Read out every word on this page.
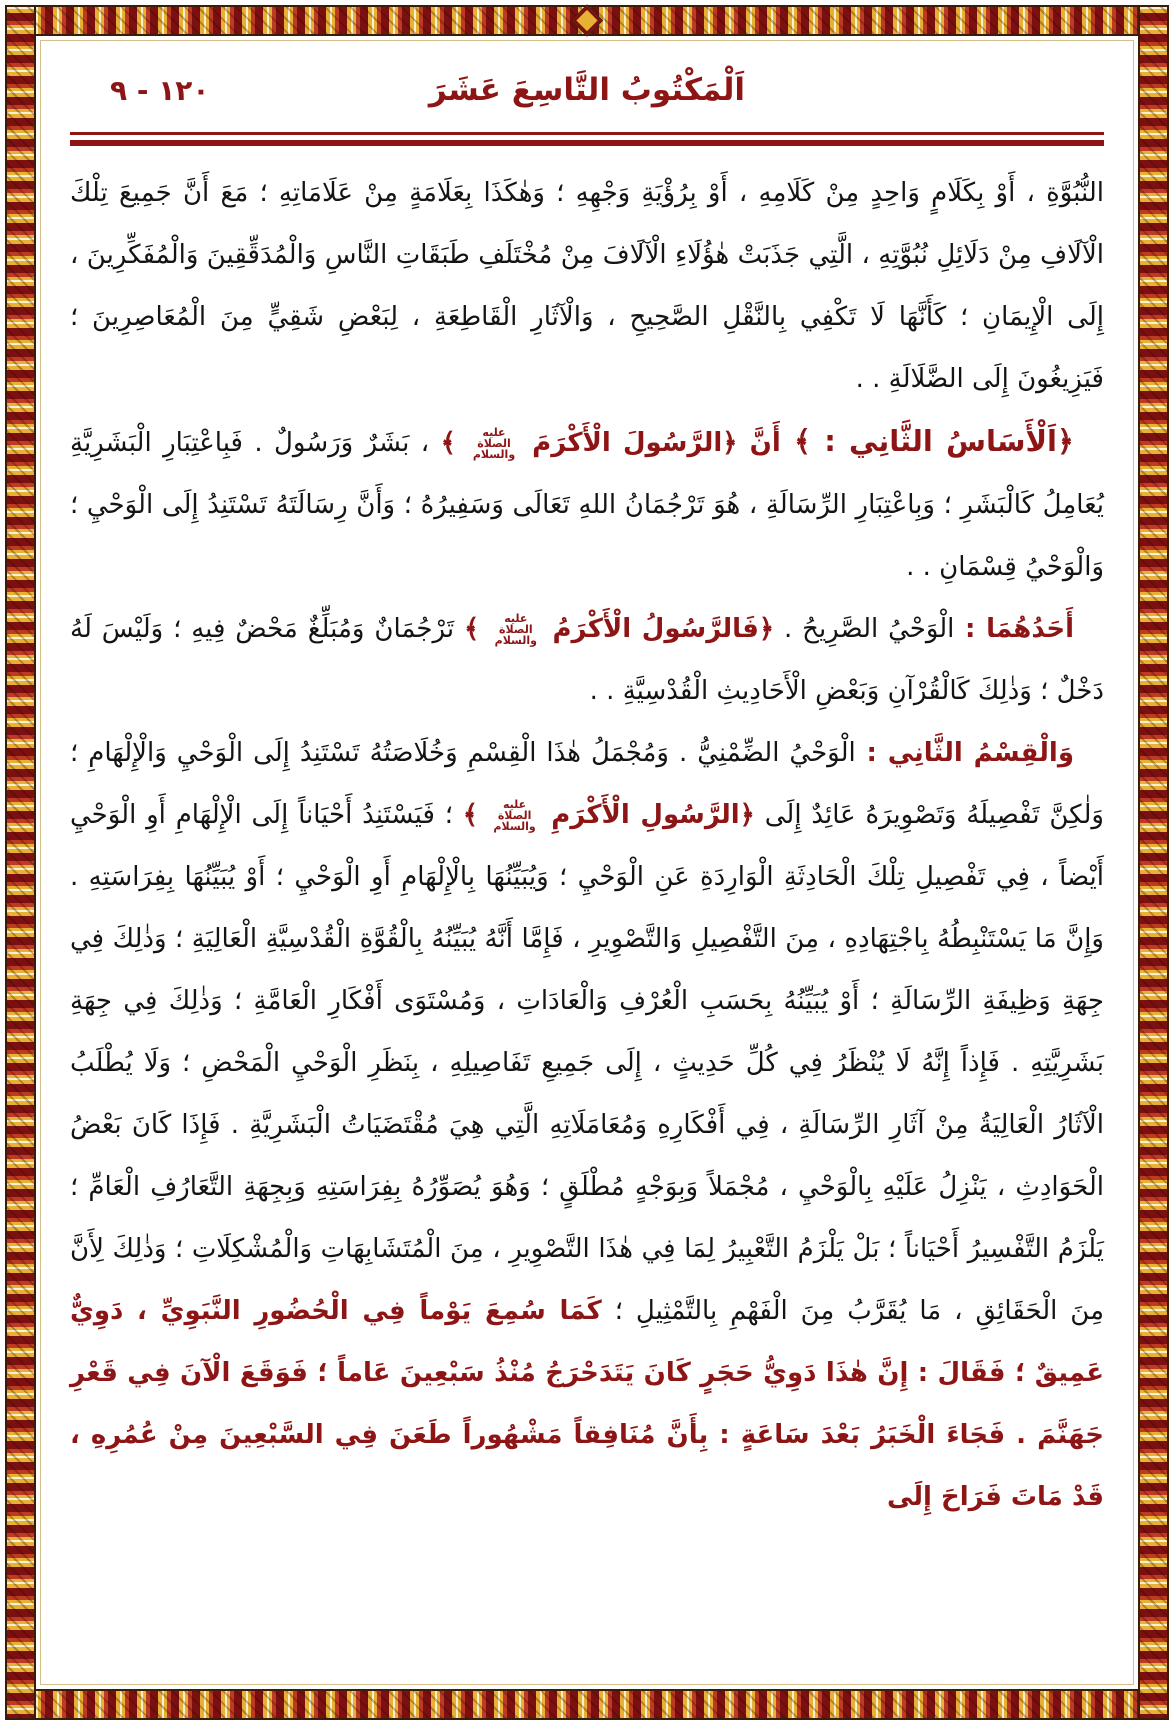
اَلْمَكْتُوبُ التَّاسِعَ عَشَرَ
١٢٠ - ٩

النُّبُوَّةِ ، أَوْ بِكَلَامٍ وَاحِدٍ مِنْ كَلَامِهِ ، أَوْ بِرُؤْيَةِ وَجْهِهِ ؛ وَهٰكَذَا بِعَلَامَةٍ مِنْ عَلَامَاتِهِ ؛ مَعَ أَنَّ جَمِيعَ تِلْكَ الْآلَافِ مِنْ دَلَائِلِ نُبُوَّتِهِ ، الَّتِي جَذَبَتْ هٰؤُلَاءِ الْآلَافَ مِنْ مُخْتَلَفِ طَبَقَاتِ النَّاسِ وَالْمُدَقِّقِينَ وَالْمُفَكِّرِينَ ، إِلَى الْإِيمَانِ ؛ كَأَنَّهَا لَا تَكْفِي بِالنَّقْلِ الصَّحِيحِ ، وَالْآثَارِ الْقَاطِعَةِ ، لِبَعْضِ شَقِيٍّ مِنَ الْمُعَاصِرِينَ ؛ فَيَزِيغُونَ إِلَى الضَّلَالَةِ . .

﴿اَلْأَسَاسُ الثَّانِي : ﴾ أَنَّ ﴿الرَّسُولَ الْأَكْرَمَ عليه الصلاة والسلام ﴾ ، بَشَرٌ وَرَسُولٌ . فَبِاعْتِبَارِ الْبَشَرِيَّةِ يُعَامِلُ كَالْبَشَرِ ؛ وَبِاعْتِبَارِ الرِّسَالَةِ ، هُوَ تَرْجُمَانُ اللهِ تَعَالَى وَسَفِيرُهُ ؛ وَأَنَّ رِسَالَتَهُ تَسْتَنِدُ إِلَى الْوَحْيِ ؛ وَالْوَحْيُ قِسْمَانِ . .

أَحَدُهُمَا : الْوَحْيُ الصَّرِيحُ . ﴿فَالرَّسُولُ الْأَكْرَمُ عليه الصلاة والسلام ﴾ تَرْجُمَانٌ وَمُبَلِّغٌ مَحْضٌ فِيهِ ؛ وَلَيْسَ لَهُ دَخْلٌ ؛ وَذٰلِكَ كَالْقُرْآنِ وَبَعْضِ الْأَحَادِيثِ الْقُدْسِيَّةِ . .

وَالْقِسْمُ الثَّانِي : الْوَحْيُ الضِّمْنِيُّ . وَمُجْمَلُ هٰذَا الْقِسْمِ وَخُلَاصَتُهُ تَسْتَنِدُ إِلَى الْوَحْيِ وَالْإِلْهَامِ ؛ وَلٰكِنَّ تَفْصِيلَهُ وَتَصْوِيرَهُ عَائِدٌ إِلَى ﴿الرَّسُولِ الْأَكْرَمِ عليه الصلاة والسلام ﴾ ؛ فَيَسْتَنِدُ أَحْيَاناً إِلَى الْإِلْهَامِ أَوِ الْوَحْيِ أَيْضاً ، فِي تَفْصِيلِ تِلْكَ الْحَادِثَةِ الْوَارِدَةِ عَنِ الْوَحْيِ ؛ وَيُبَيِّنُهَا بِالْإِلْهَامِ أَوِ الْوَحْيِ ؛ أَوْ يُبَيِّنُهَا بِفِرَاسَتِهِ . وَإِنَّ مَا يَسْتَنْبِطُهُ بِاجْتِهَادِهِ ، مِنَ التَّفْصِيلِ وَالتَّصْوِيرِ ، فَإِمَّا أَنَّهُ يُبَيِّنُهُ بِالْقُوَّةِ الْقُدْسِيَّةِ الْعَالِيَةِ ؛ وَذٰلِكَ فِي جِهَةِ وَظِيفَةِ الرِّسَالَةِ ؛ أَوْ يُبَيِّنُهُ بِحَسَبِ الْعُرْفِ وَالْعَادَاتِ ، وَمُسْتَوَى أَفْكَارِ الْعَامَّةِ ؛ وَذٰلِكَ فِي جِهَةِ بَشَرِيَّتِهِ . فَإِذاً إِنَّهُ لَا يُنْظَرُ فِي كُلِّ حَدِيثٍ ، إِلَى جَمِيعِ تَفَاصِيلِهِ ، بِنَظَرِ الْوَحْيِ الْمَحْضِ ؛ وَلَا يُطْلَبُ الْآثَارُ الْعَالِيَةُ مِنْ آثَارِ الرِّسَالَةِ ، فِي أَفْكَارِهِ وَمُعَامَلَاتِهِ الَّتِي هِيَ مُقْتَضَيَاتُ الْبَشَرِيَّةِ . فَإِذَا كَانَ بَعْضُ الْحَوَادِثِ ، يَنْزِلُ عَلَيْهِ بِالْوَحْيِ ، مُجْمَلاً وَبِوَجْهٍ مُطْلَقٍ ؛ وَهُوَ يُصَوِّرُهُ بِفِرَاسَتِهِ وَبِجِهَةِ التَّعَارُفِ الْعَامِّ ؛ يَلْزَمُ التَّفْسِيرُ أَحْيَاناً ؛ بَلْ يَلْزَمُ التَّعْبِيرُ لِمَا فِي هٰذَا التَّصْوِيرِ ، مِنَ الْمُتَشَابِهَاتِ وَالْمُشْكِلَاتِ ؛ وَذٰلِكَ لِأَنَّ مِنَ الْحَقَائِقِ ، مَا يُقَرَّبُ مِنَ الْفَهْمِ بِالتَّمْثِيلِ ؛ كَمَا سُمِعَ يَوْماً فِي الْحُضُورِ النَّبَوِيِّ ، دَوِيٌّ عَمِيقٌ ؛ فَقَالَ : إِنَّ هٰذَا دَوِيُّ حَجَرٍ كَانَ يَتَدَحْرَجُ مُنْذُ سَبْعِينَ عَاماً ؛ فَوَقَعَ الْآنَ فِي قَعْرِ جَهَنَّمَ . فَجَاءَ الْخَبَرُ بَعْدَ سَاعَةٍ : بِأَنَّ مُنَافِقاً مَشْهُوراً طَعَنَ فِي السَّبْعِينَ مِنْ عُمُرِهِ ، قَدْ مَاتَ فَرَاحَ إِلَى
